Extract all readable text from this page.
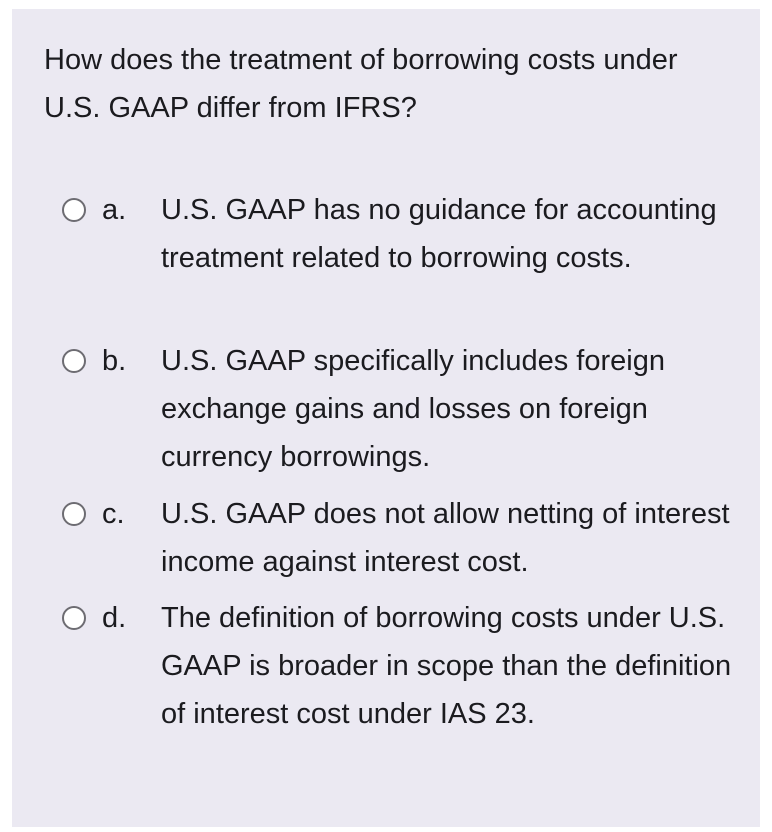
How does the treatment of borrowing costs under U.S. GAAP differ from IFRS?
a. U.S. GAAP has no guidance for accounting treatment related to borrowing costs.
b. U.S. GAAP specifically includes foreign exchange gains and losses on foreign currency borrowings.
c. U.S. GAAP does not allow netting of interest income against interest cost.
d. The definition of borrowing costs under U.S. GAAP is broader in scope than the definition of interest cost under IAS 23.
